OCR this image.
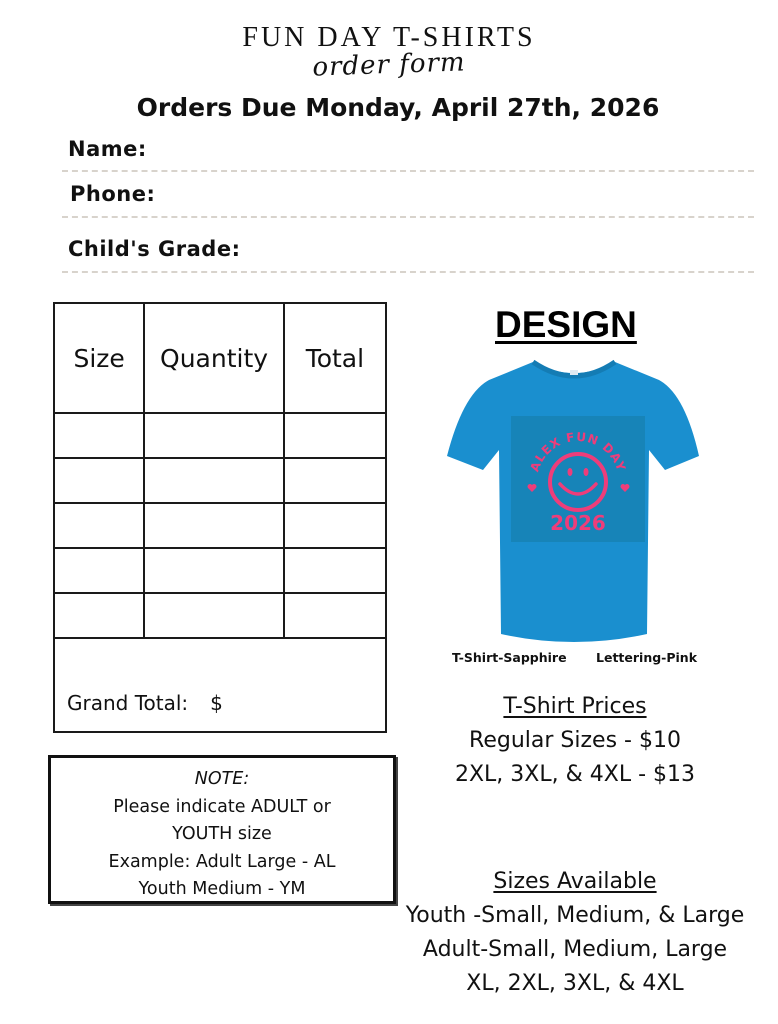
FUN DAY T-SHIRTS
order form
Orders Due Monday, April 27th, 2026
Name:
Phone:
Child's Grade:
Size	Quantity	Total

Grand Total: $		
NOTE:
Please indicate ADULT or
YOUTH size
Example: Adult Large - AL
Youth Medium - YM
DESIGN
ALEX FUN DAY
2026
T-Shirt-Sapphire Lettering-Pink
T-Shirt Prices
Regular Sizes - $10
2XL, 3XL, & 4XL - $13
Sizes Available
Youth -Small, Medium, & Large
Adult-Small, Medium, Large
XL, 2XL, 3XL, & 4XL
